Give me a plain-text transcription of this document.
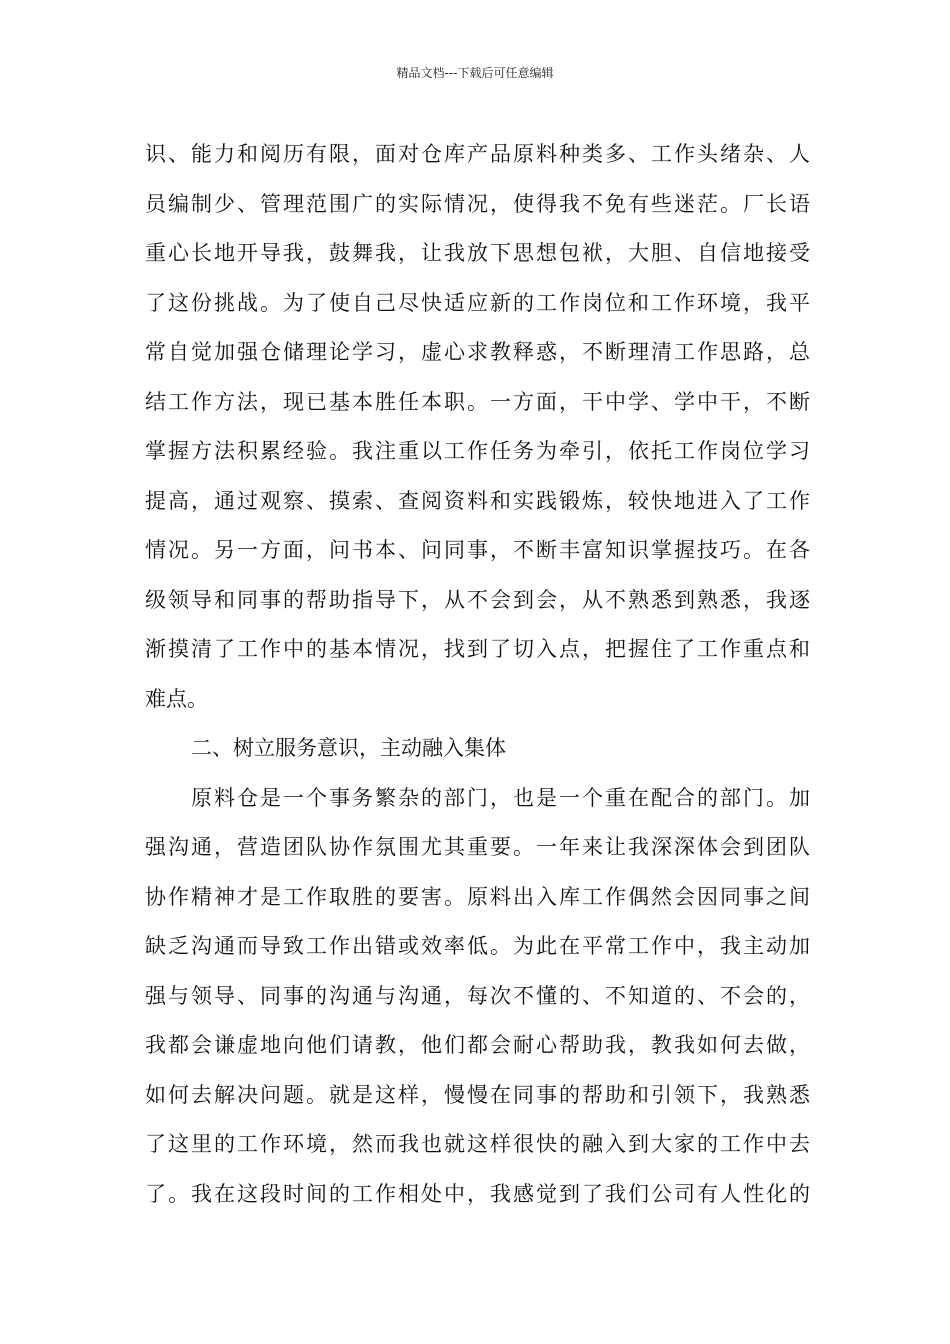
精品文档---下载后可任意编辑
识、能力和阅历有限，面对仓库产品原料种类多、工作头绪杂、人
员编制少、管理范围广的实际情况，使得我不免有些迷茫。厂长语
重心长地开导我，鼓舞我，让我放下思想包袱，大胆、自信地接受
了这份挑战。为了使自己尽快适应新的工作岗位和工作环境，我平
常自觉加强仓储理论学习，虚心求教释惑，不断理清工作思路，总
结工作方法，现已基本胜任本职。一方面，干中学、学中干，不断
掌握方法积累经验。我注重以工作任务为牵引，依托工作岗位学习
提高，通过观察、摸索、查阅资料和实践锻炼，较快地进入了工作
情况。另一方面，问书本、问同事，不断丰富知识掌握技巧。在各
级领导和同事的帮助指导下，从不会到会，从不熟悉到熟悉，我逐
渐摸清了工作中的基本情况，找到了切入点，把握住了工作重点和
难点。
二、树立服务意识，主动融入集体
原料仓是一个事务繁杂的部门，也是一个重在配合的部门。加
强沟通，营造团队协作氛围尤其重要。一年来让我深深体会到团队
协作精神才是工作取胜的要害。原料出入库工作偶然会因同事之间
缺乏沟通而导致工作出错或效率低。为此在平常工作中，我主动加
强与领导、同事的沟通与沟通，每次不懂的、不知道的、不会的，
我都会谦虚地向他们请教，他们都会耐心帮助我，教我如何去做，
如何去解决问题。就是这样，慢慢在同事的帮助和引领下，我熟悉
了这里的工作环境，然而我也就这样很快的融入到大家的工作中去
了。我在这段时间的工作相处中，我感觉到了我们公司有人性化的
